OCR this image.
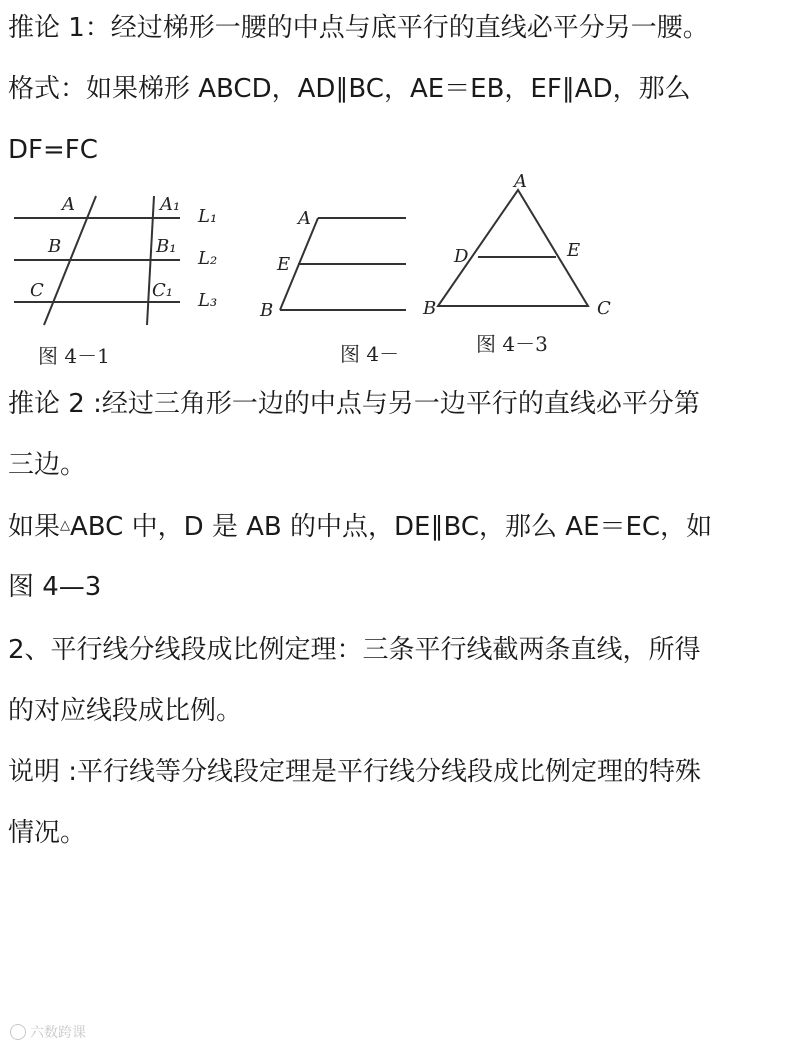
推论 1：经过梯形一腰的中点与底平行的直线必平分另一腰。

格式：如果梯形 ABCD，AD∥BC，AE＝EB，EF∥AD，那么

DF=FC

A
B
C
A₁
B₁
C₁
L₁
L₂
L₃
A
E
B
A
D	E
B	C
图 4－1	图 4－	图 4－3

推论 2 :经过三角形一边的中点与另一边平行的直线必平分第

三边。

如果△ABC 中，D 是 AB 的中点，DE∥BC，那么 AE＝EC，如

图 4—3

2、平行线分线段成比例定理：三条平行线截两条直线，所得

的对应线段成比例。

说明 :平行线等分线段定理是平行线分线段成比例定理的特殊

情况。

六数跨课
